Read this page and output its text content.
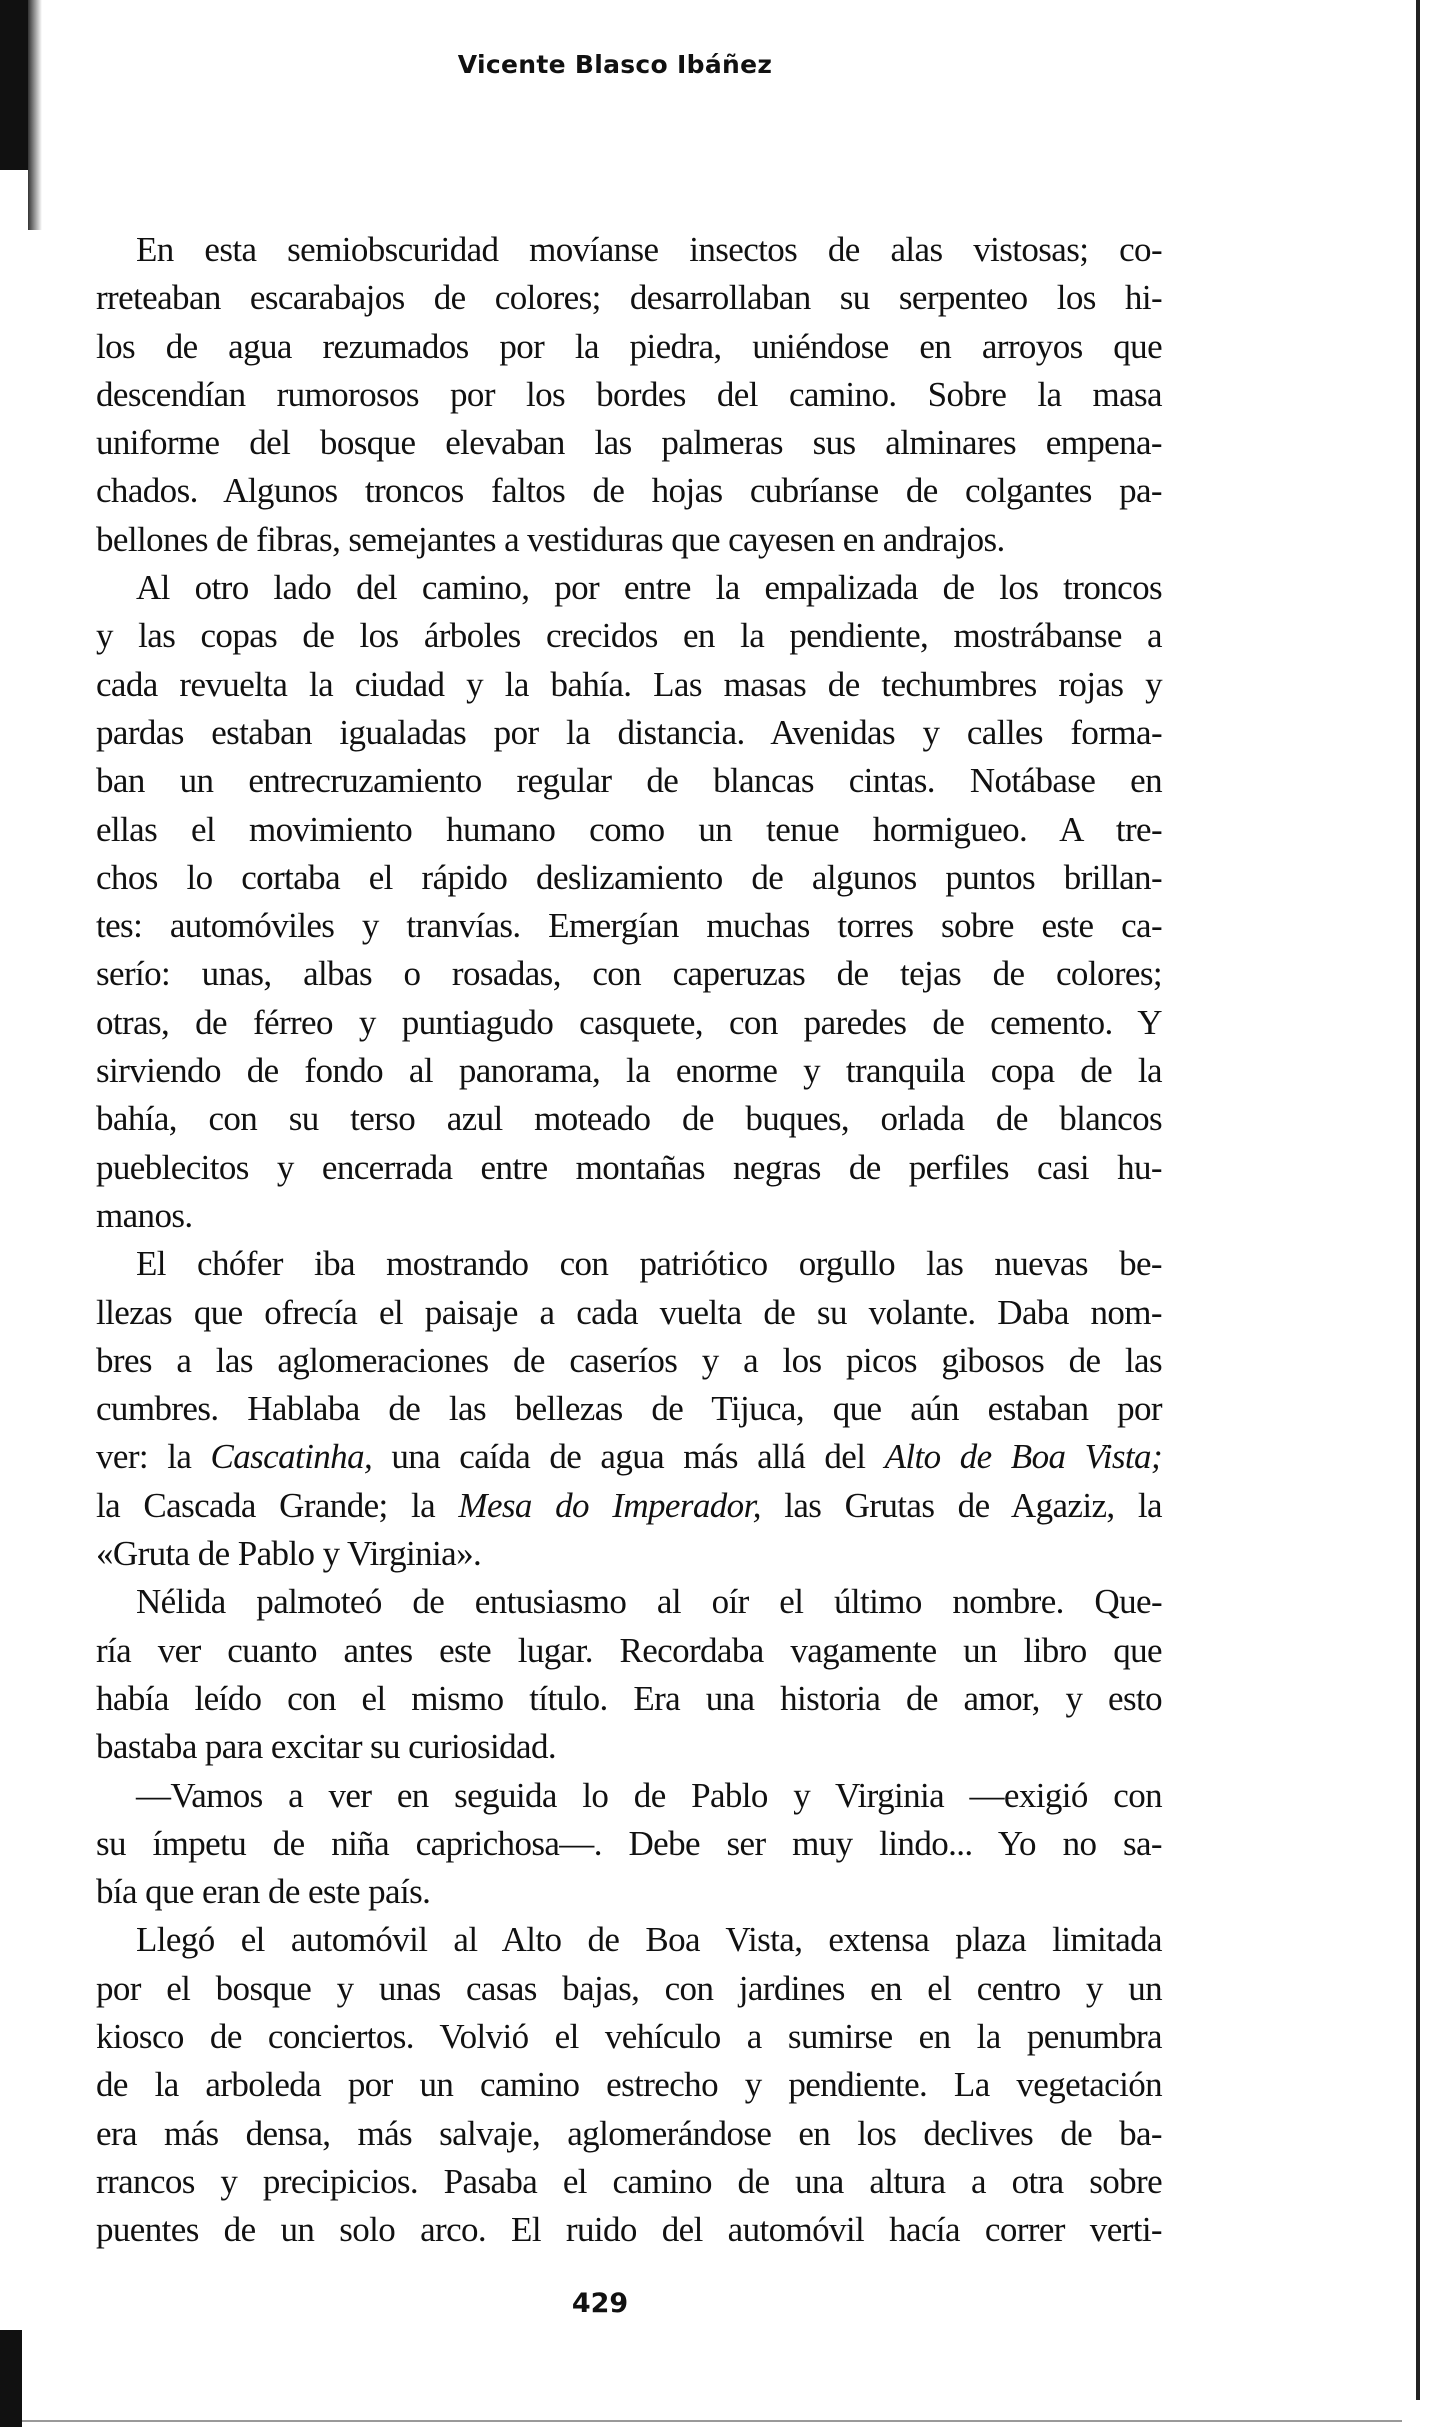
Vicente Blasco Ibáñez
En esta semiobscuridad movíanse insectos de alas vistosas; co-
rreteaban escarabajos de colores; desarrollaban su serpenteo los hi-
los de agua rezumados por la piedra, uniéndose en arroyos que
descendían rumorosos por los bordes del camino. Sobre la masa
uniforme del bosque elevaban las palmeras sus alminares empena-
chados. Algunos troncos faltos de hojas cubríanse de colgantes pa-
bellones de fibras, semejantes a vestiduras que cayesen en andrajos.
Al otro lado del camino, por entre la empalizada de los troncos
y las copas de los árboles crecidos en la pendiente, mostrábanse a
cada revuelta la ciudad y la bahía. Las masas de techumbres rojas y
pardas estaban igualadas por la distancia. Avenidas y calles forma-
ban un entrecruzamiento regular de blancas cintas. Notábase en
ellas el movimiento humano como un tenue hormigueo. A tre-
chos lo cortaba el rápido deslizamiento de algunos puntos brillan-
tes: automóviles y tranvías. Emergían muchas torres sobre este ca-
serío: unas, albas o rosadas, con caperuzas de tejas de colores;
otras, de férreo y puntiagudo casquete, con paredes de cemento. Y
sirviendo de fondo al panorama, la enorme y tranquila copa de la
bahía, con su terso azul moteado de buques, orlada de blancos
pueblecitos y encerrada entre montañas negras de perfiles casi hu-
manos.
El chófer iba mostrando con patriótico orgullo las nuevas be-
llezas que ofrecía el paisaje a cada vuelta de su volante. Daba nom-
bres a las aglomeraciones de caseríos y a los picos gibosos de las
cumbres. Hablaba de las bellezas de Tijuca, que aún estaban por
ver: la Cascatinha, una caída de agua más allá del Alto de Boa Vista;
la Cascada Grande; la Mesa do Imperador, las Grutas de Agaziz, la
«Gruta de Pablo y Virginia».
Nélida palmoteó de entusiasmo al oír el último nombre. Que-
ría ver cuanto antes este lugar. Recordaba vagamente un libro que
había leído con el mismo título. Era una historia de amor, y esto
bastaba para excitar su curiosidad.
—Vamos a ver en seguida lo de Pablo y Virginia —exigió con
su ímpetu de niña caprichosa—. Debe ser muy lindo... Yo no sa-
bía que eran de este país.
Llegó el automóvil al Alto de Boa Vista, extensa plaza limitada
por el bosque y unas casas bajas, con jardines en el centro y un
kiosco de conciertos. Volvió el vehículo a sumirse en la penumbra
de la arboleda por un camino estrecho y pendiente. La vegetación
era más densa, más salvaje, aglomerándose en los declives de ba-
rrancos y precipicios. Pasaba el camino de una altura a otra sobre
puentes de un solo arco. El ruido del automóvil hacía correr verti-
429
